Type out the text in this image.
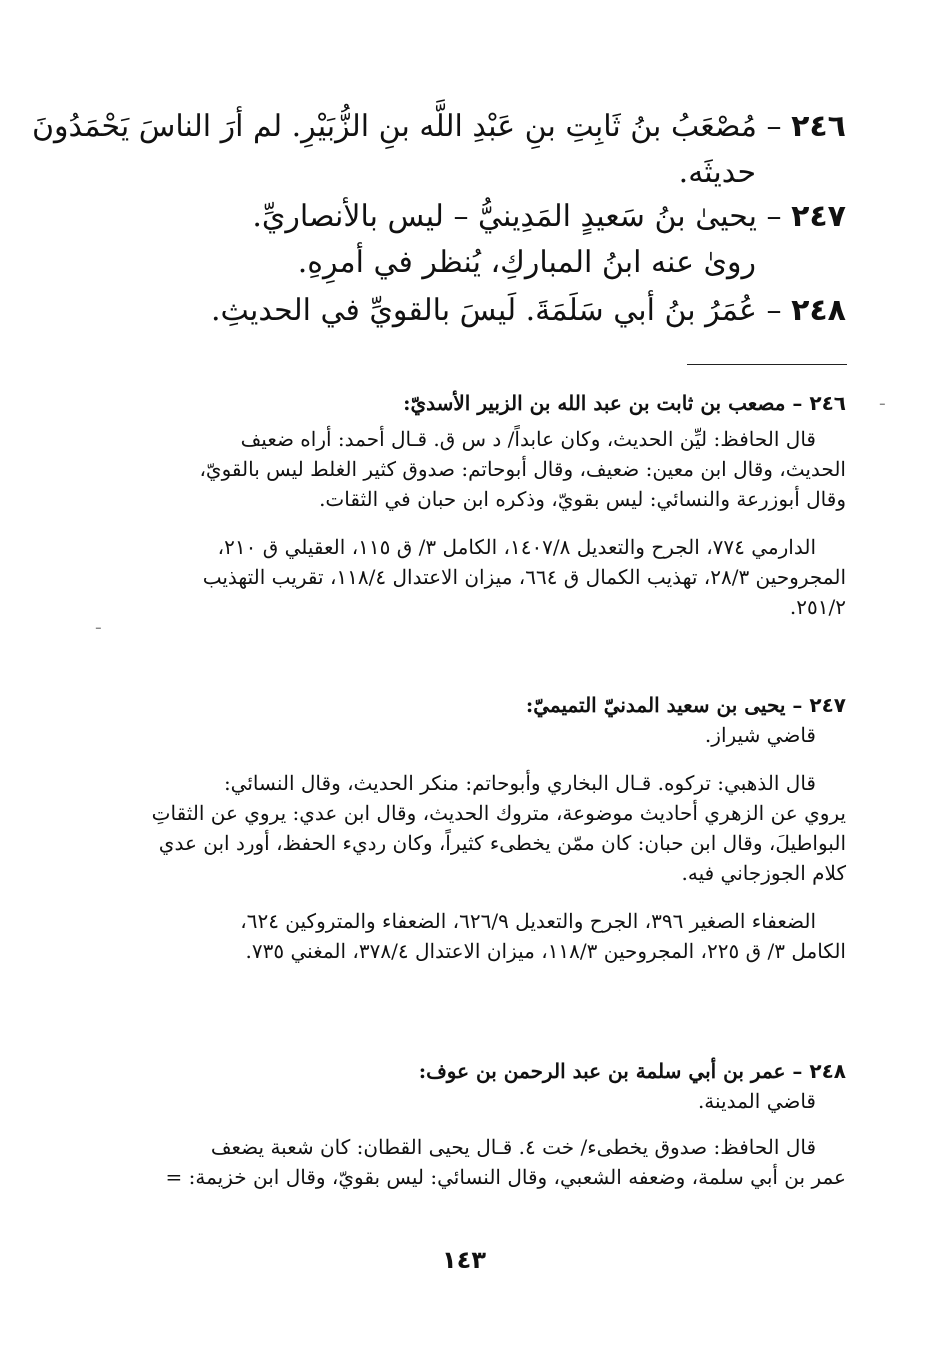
٢٤٦ – مُصْعَبُ بنُ ثَابِتِ بنِ عَبْدِ اللَّه بنِ الزُّبَيْرِ. لم أرَ الناسَ يَحْمَدُونَ
حديثَه.
٢٤٧ – يحيىٰ بنُ سَعيدٍ المَدِينيُّ – ليس بالأنصاريِّ.
روىٰ عنه ابنُ المباركِ، يُنظر في أمرِهِ.
٢٤٨ – عُمَرُ بنُ أبي سَلَمَةَ. لَيسَ بالقويِّ في الحديثِ.
٢٤٦ – مصعب بن ثابت بن عبد الله بن الزبير الأسديّ:
قال الحافظ: ليِّن الحديث، وكان عابداً/ د س ق. قـال أحمد: أراه ضعيف
الحديث، وقال ابن معين: ضعيف، وقال أبوحاتم: صدوق كثير الغلط ليس بالقويّ،
وقال أبوزرعة والنسائي: ليس بقويّ، وذكره ابن حبان في الثقات.
الدارمي ٧٧٤، الجرح والتعديل ١٤٠٧/٨، الكامل ٣/ ق ١١٥، العقيلي ق ٢١٠،
المجروحين ٢٨/٣، تهذيب الكمال ق ٦٦٤، ميزان الاعتدال ١١٨/٤، تقريب التهذيب
٢٥١/٢.
٢٤٧ – يحيى بن سعيد المدنيّ التميميّ:
قاضي شيراز.
قال الذهبي: تركوه. قـال البخاري وأبوحاتم: منكر الحديث، وقال النسائي:
يروي عن الزهري أحاديث موضوعة، متروك الحديث، وقال ابن عدي: يروي عن الثقاتِ
البواطيلَ، وقال ابن حبان: كان ممّن يخطىء كثيراً، وكان رديء الحفظ، أورد ابن عدي
كلام الجوزجاني فيه.
الضعفاء الصغير ٣٩٦، الجرح والتعديل ٦٢٦/٩، الضعفاء والمتروكين ٦٢٤،
الكامل ٣/ ق ٢٢٥، المجروحين ١١٨/٣، ميزان الاعتدال ٣٧٨/٤، المغني ٧٣٥.
٢٤٨ – عمر بن أبي سلمة بن عبد الرحمن بن عوف:
قاضي المدينة.
قال الحافظ: صدوق يخطىء/ خت ٤. قـال يحيى القطان: كان شعبة يضعف
عمر بن أبي سلمة، وضعفه الشعبي، وقال النسائي: ليس بقويّ، وقال ابن خزيمة: =
١٤٣
ـ
ـ
